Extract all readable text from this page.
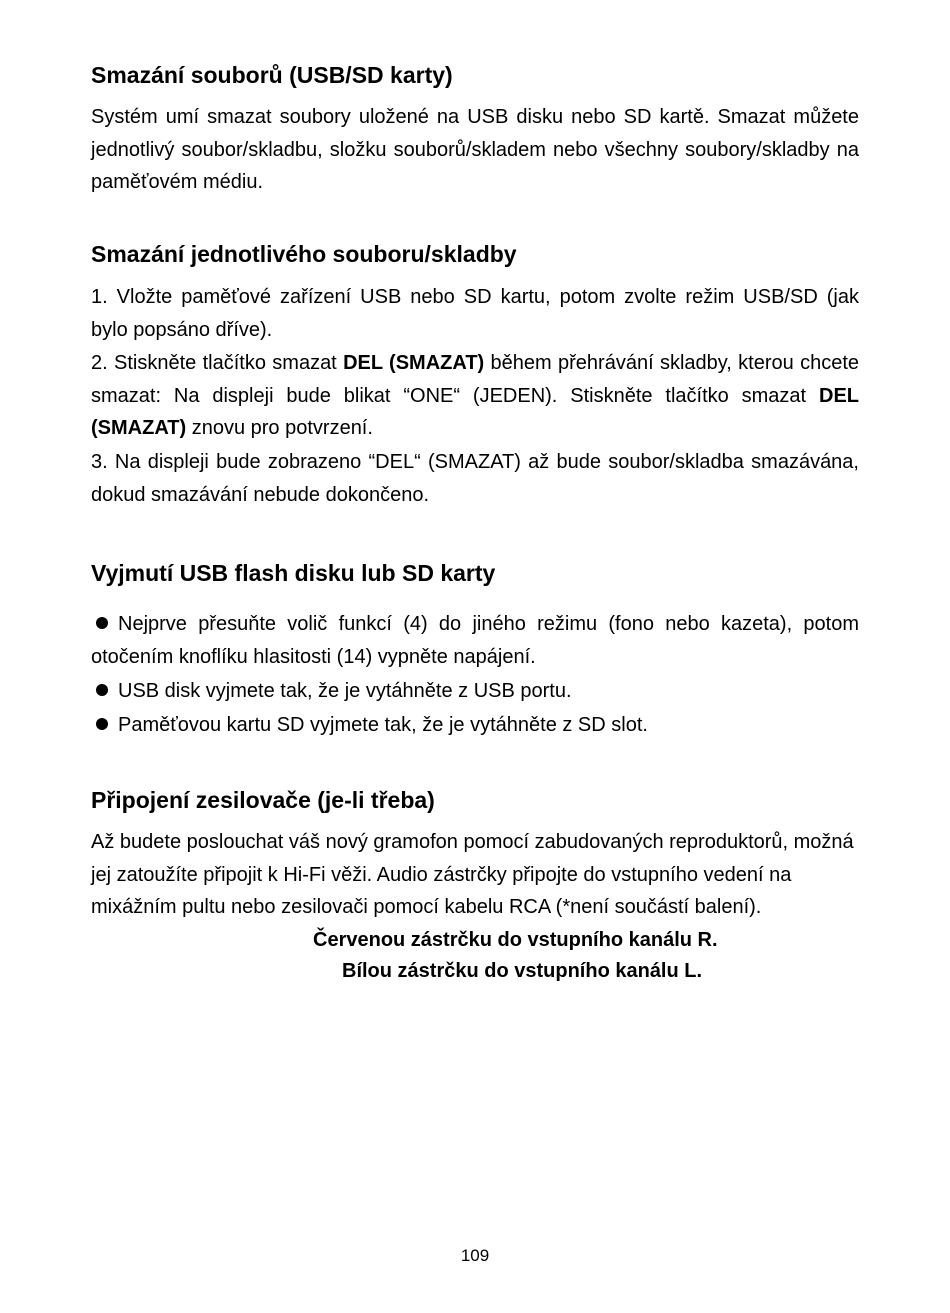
Smazání souborů (USB/SD karty)
Systém umí smazat soubory uložené na USB disku nebo SD kartě. Smazat můžete jednotlivý soubor/skladbu, složku souborů/skladem nebo všechny soubory/skladby na paměťovém médiu.
Smazání jednotlivého souboru/skladby
1. Vložte paměťové zařízení USB nebo SD kartu, potom zvolte režim USB/SD (jak bylo popsáno dříve).
2. Stiskněte tlačítko smazat DEL (SMAZAT) během přehrávání skladby, kterou chcete smazat: Na displeji bude blikat “ONE“ (JEDEN). Stiskněte tlačítko smazat DEL (SMAZAT) znovu pro potvrzení.
3. Na displeji bude zobrazeno “DEL“ (SMAZAT) až bude soubor/skladba smazávána, dokud smazávání nebude dokončeno.
Vyjmutí USB flash disku lub SD karty
Nejprve přesuňte volič funkcí (4) do jiného režimu (fono nebo kazeta), potom otočením knoflíku hlasitosti (14) vypněte napájení.
USB disk vyjmete tak, že je vytáhněte z USB portu.
Paměťovou kartu SD vyjmete tak, že je vytáhněte z SD slot.
Připojení zesilovače (je-li třeba)
Až budete poslouchat váš nový gramofon pomocí zabudovaných reproduktorů, možná jej zatoužíte připojit k Hi-Fi věži. Audio zástrčky připojte do vstupního vedení na mixážním pultu nebo zesilovači pomocí kabelu RCA (*není součástí balení).
Červenou zástrčku do vstupního kanálu R.
Bílou zástrčku do vstupního kanálu L.
109
